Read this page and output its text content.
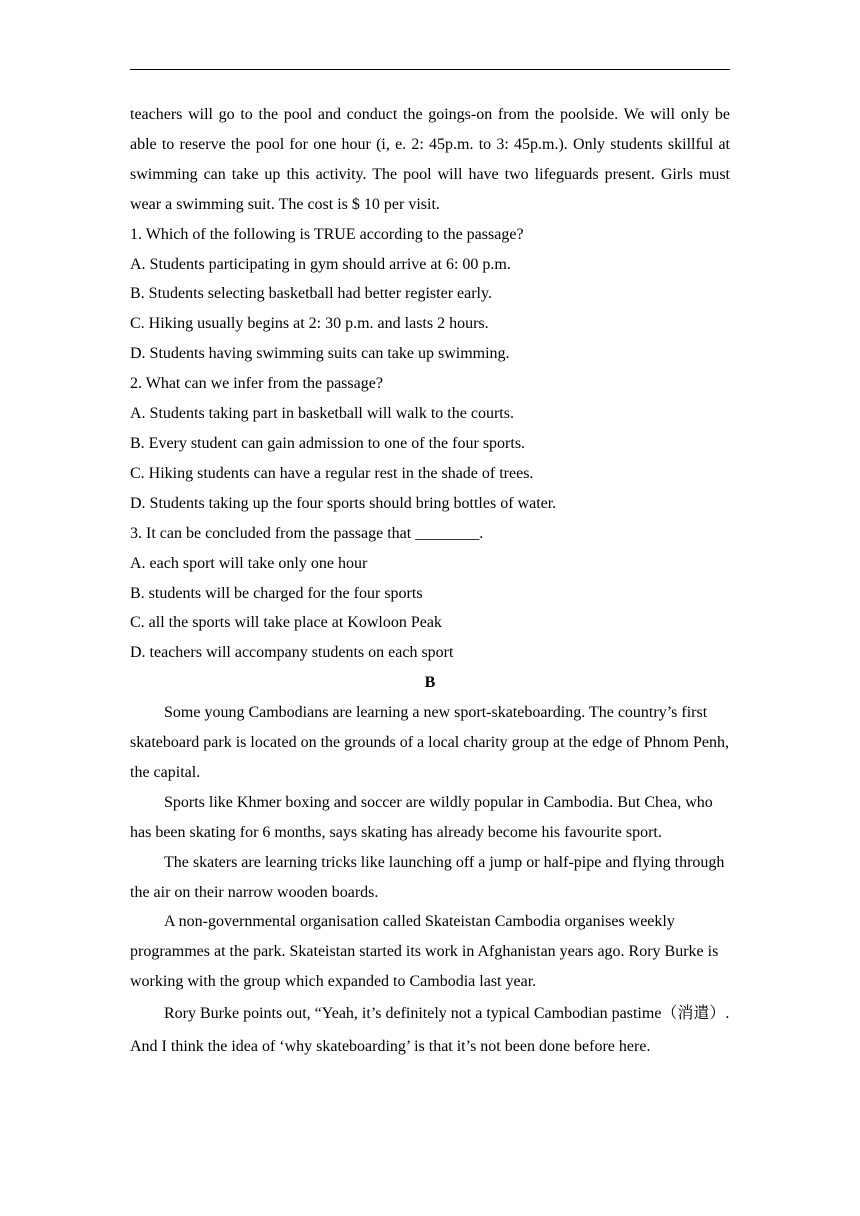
teachers will go to the pool and conduct the goings-on from the poolside. We will only be able to reserve the pool for one hour (i, e. 2: 45p.m. to 3: 45p.m.). Only students skillful at swimming can take up this activity. The pool will have two lifeguards present. Girls must wear a swimming suit. The cost is $ 10 per visit.

1. Which of the following is TRUE according to the passage?

A. Students participating in gym should arrive at 6: 00 p.m.

B. Students selecting basketball had better register early.

C. Hiking usually begins at 2: 30 p.m. and lasts 2 hours.

D. Students having swimming suits can take up swimming.

2. What can we infer from the passage?

A. Students taking part in basketball will walk to the courts.

B. Every student can gain admission to one of the four sports.

C. Hiking students can have a regular rest in the shade of trees.

D. Students taking up the four sports should bring bottles of water.

3. It can be concluded from the passage that ________.

A. each sport will take only one hour

B. students will be charged for the four sports

C. all the sports will take place at Kowloon Peak

D. teachers will accompany students on each sport

B

Some young Cambodians are learning a new sport-skateboarding. The country’s first skateboard park is located on the grounds of a local charity group at the edge of Phnom Penh, the capital.

Sports like Khmer boxing and soccer are wildly popular in Cambodia. But Chea, who has been skating for 6 months, says skating has already become his favourite sport.

The skaters are learning tricks like launching off a jump or half-pipe and flying through the air on their narrow wooden boards.

A non-governmental organisation called Skateistan Cambodia organises weekly programmes at the park. Skateistan started its work in Afghanistan years ago. Rory Burke is working with the group which expanded to Cambodia last year.

Rory Burke points out, “Yeah, it’s definitely not a typical Cambodian pastime（消遣）. And I think the idea of ‘why skateboarding’ is that it’s not been done before here.
